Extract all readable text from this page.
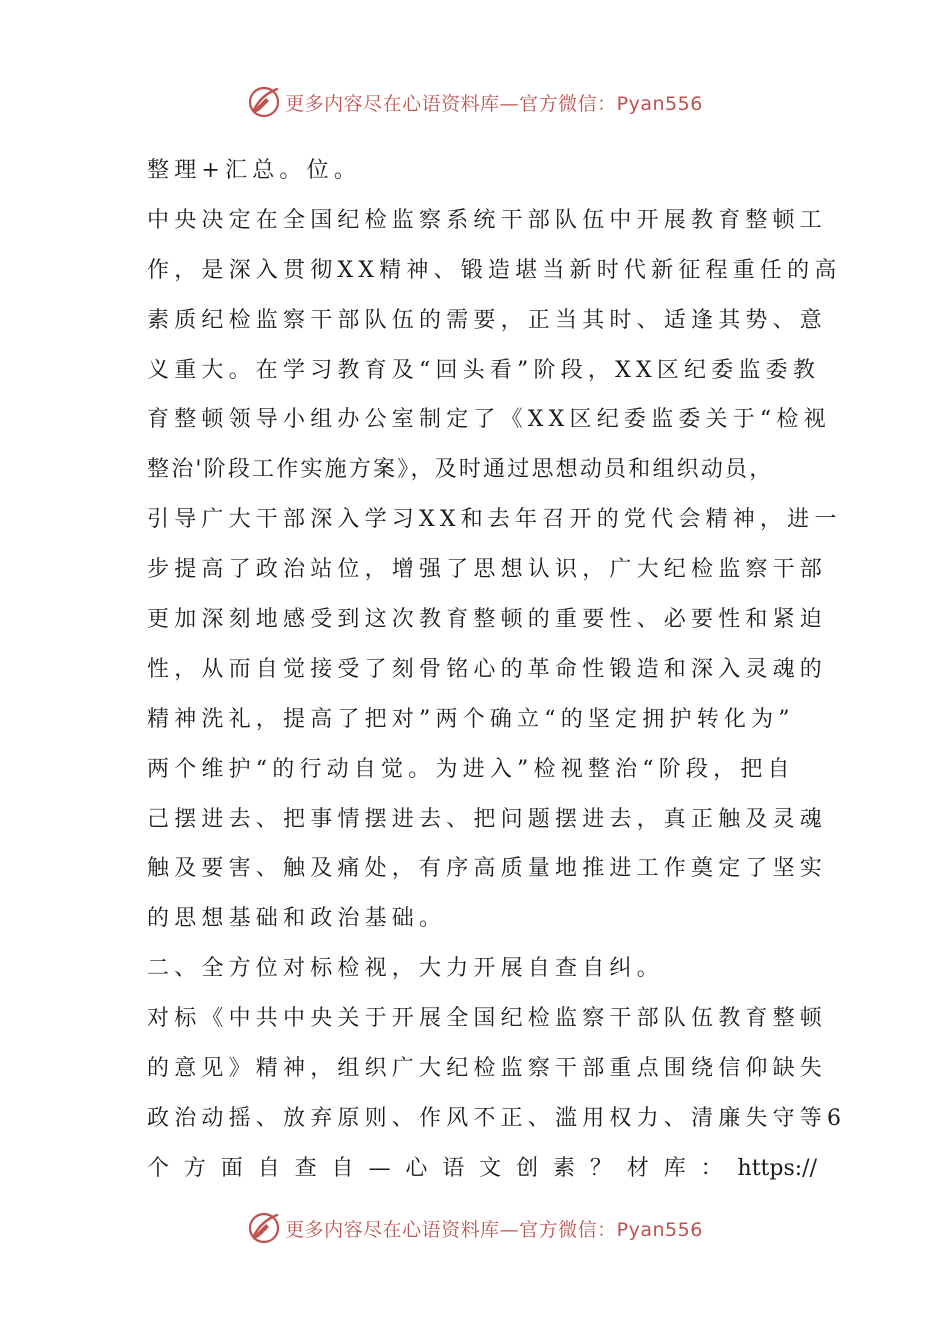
更多内容尽在心语资料库—官方微信：Pyan556
整理+汇总。位。
中央决定在全国纪检监察系统干部队伍中开展教育整顿工
作，是深入贯彻XX精神、锻造堪当新时代新征程重任的高
素质纪检监察干部队伍的需要，正当其时、适逢其势、意
义重大。在学习教育及“回头看”阶段，XX区纪委监委教
育整顿领导小组办公室制定了《XX区纪委监委关于“检视
整治'阶段工作实施方案》，及时通过思想动员和组织动员，
引导广大干部深入学习XX和去年召开的党代会精神，进一
步提高了政治站位，增强了思想认识，广大纪检监察干部
更加深刻地感受到这次教育整顿的重要性、必要性和紧迫
性，从而自觉接受了刻骨铭心的革命性锻造和深入灵魂的
精神洗礼，提高了把对”两个确立“的坚定拥护转化为”
两个维护“的行动自觉。为进入”检视整治“阶段，把自
己摆进去、把事情摆进去、把问题摆进去，真正触及灵魂
触及要害、触及痛处，有序高质量地推进工作奠定了坚实
的思想基础和政治基础。
二、全方位对标检视，大力开展自查自纠。
对标《中共中央关于开展全国纪检监察干部队伍教育整顿
的意见》精神，组织广大纪检监察干部重点围绕信仰缺失
政治动摇、放弃原则、作风不正、滥用权力、清廉失守等6
个方面自查自—心语文创素？材库：https://
更多内容尽在心语资料库—官方微信：Pyan556
